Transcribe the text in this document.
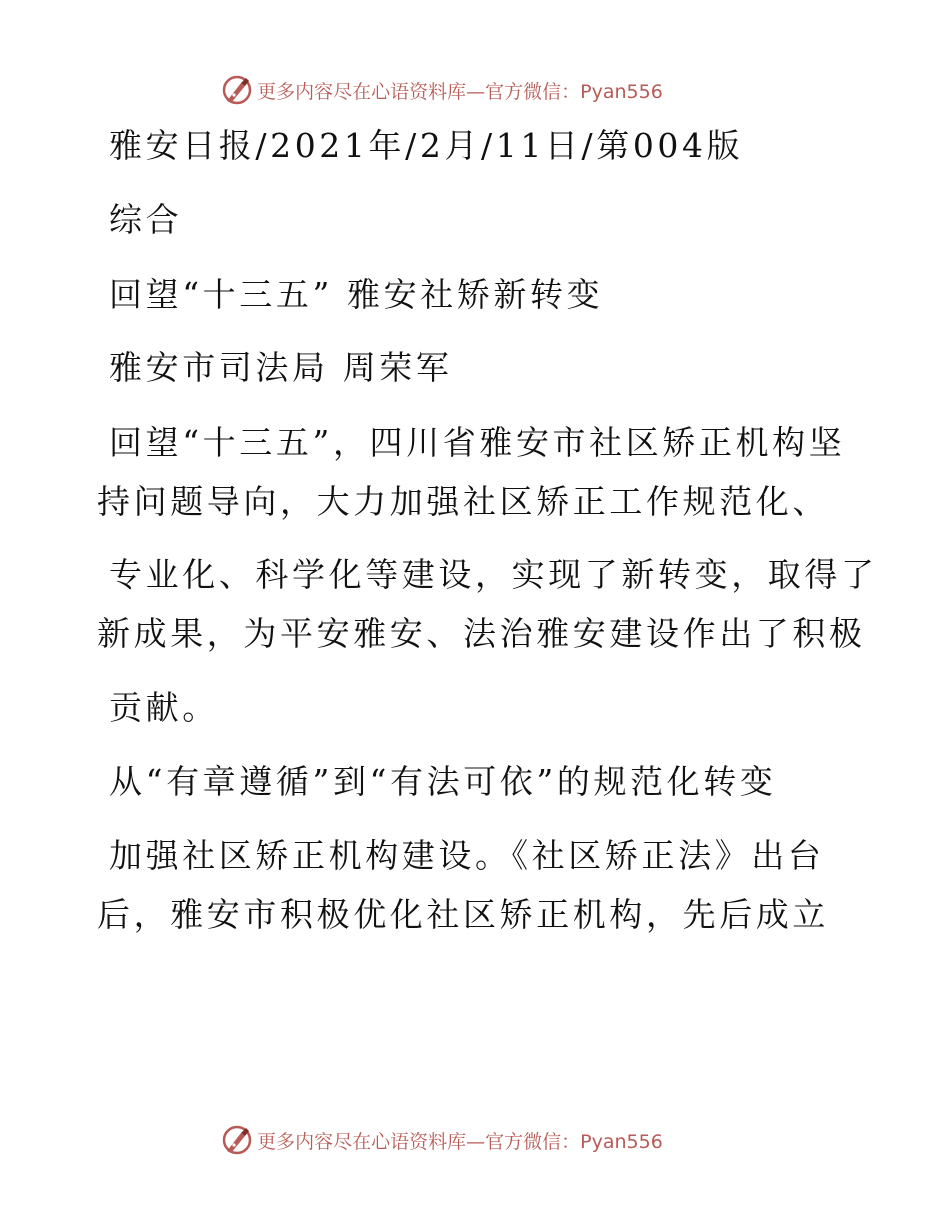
更多内容尽在心语资料库—官方微信：Pyan556
雅安日报/2021年/2月/11日/第004版
综合
回望“十三五” 雅安社矫新转变
雅安市司法局 周荣军
回望“十三五”，四川省雅安市社区矫正机构坚
持问题导向，大力加强社区矫正工作规范化、
专业化、科学化等建设，实现了新转变，取得了
新成果，为平安雅安、法治雅安建设作出了积极
贡献。
从“有章遵循”到“有法可依”的规范化转变
加强社区矫正机构建设。《社区矫正法》出台
后，雅安市积极优化社区矫正机构，先后成立
更多内容尽在心语资料库—官方微信：Pyan556
